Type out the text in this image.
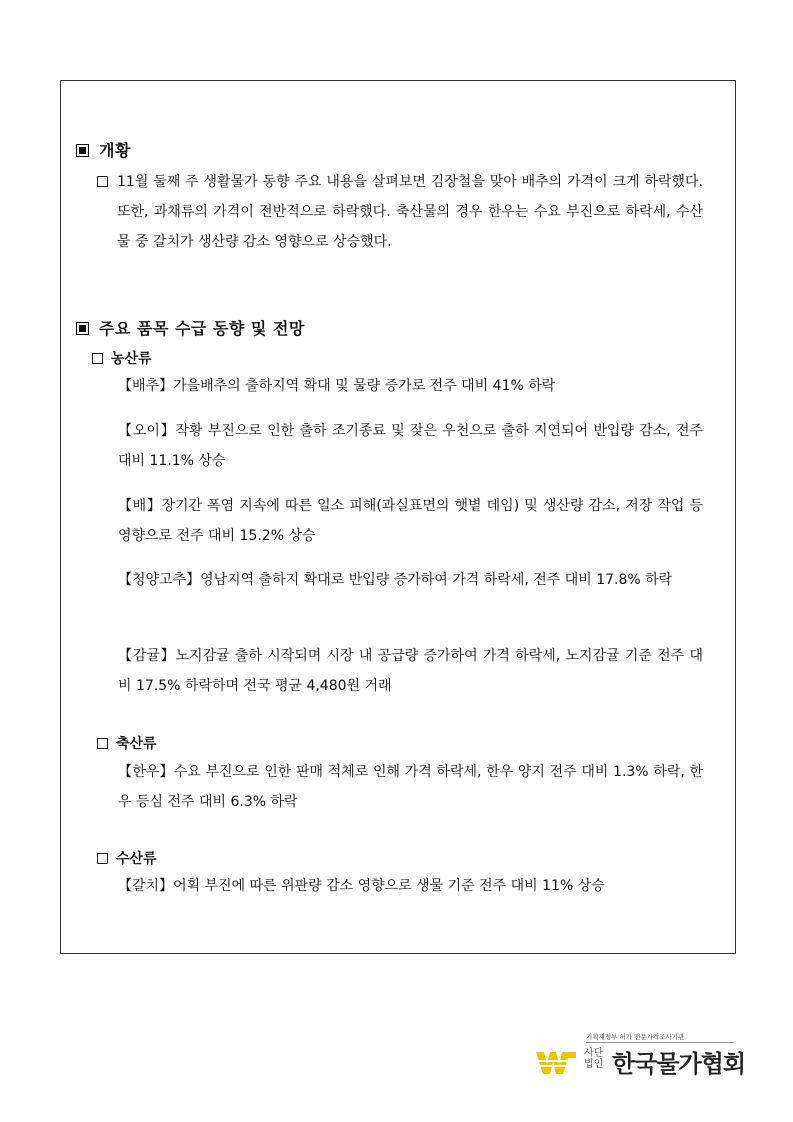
개황
11월 둘째 주 생활물가 동향 주요 내용을 살펴보면 김장철을 맞아 배추의 가격이 크게 하락했다. 또한, 과채류의 가격이 전반적으로 하락했다. 축산물의 경우 한우는 수요 부진으로 하락세, 수산물 중 갈치가 생산량 감소 영향으로 상승했다.
주요 품목 수급 동향 및 전망
농산류
【배추】가을배추의 출하지역 확대 및 물량 증가로 전주 대비 41% 하락
【오이】작황 부진으로 인한 출하 조기종료 및 잦은 우천으로 출하 지연되어 반입량 감소, 전주 대비 11.1% 상승
【배】장기간 폭염 지속에 따른 일소 피해(과실표면의 햇볕 데임) 및 생산량 감소, 저장 작업 등 영향으로 전주 대비 15.2% 상승
【청양고추】영남지역 출하지 확대로 반입량 증가하여 가격 하락세, 전주 대비 17.8% 하락
【감귤】노지감귤 출하 시작되며 시장 내 공급량 증가하여 가격 하락세, 노지감귤 기준 전주 대비 17.5% 하락하며 전국 평균 4,480원 거래
축산류
【한우】수요 부진으로 인한 판매 적체로 인해 가격 하락세, 한우 양지 전주 대비 1.3% 하락, 한우 등심 전주 대비 6.3% 하락
수산류
【갈치】어획 부진에 따른 위판량 감소 영향으로 생물 기준 전주 대비 11% 상승
기획재정부 허가 전문가격조사기관
사단
법인 한국물가협회
